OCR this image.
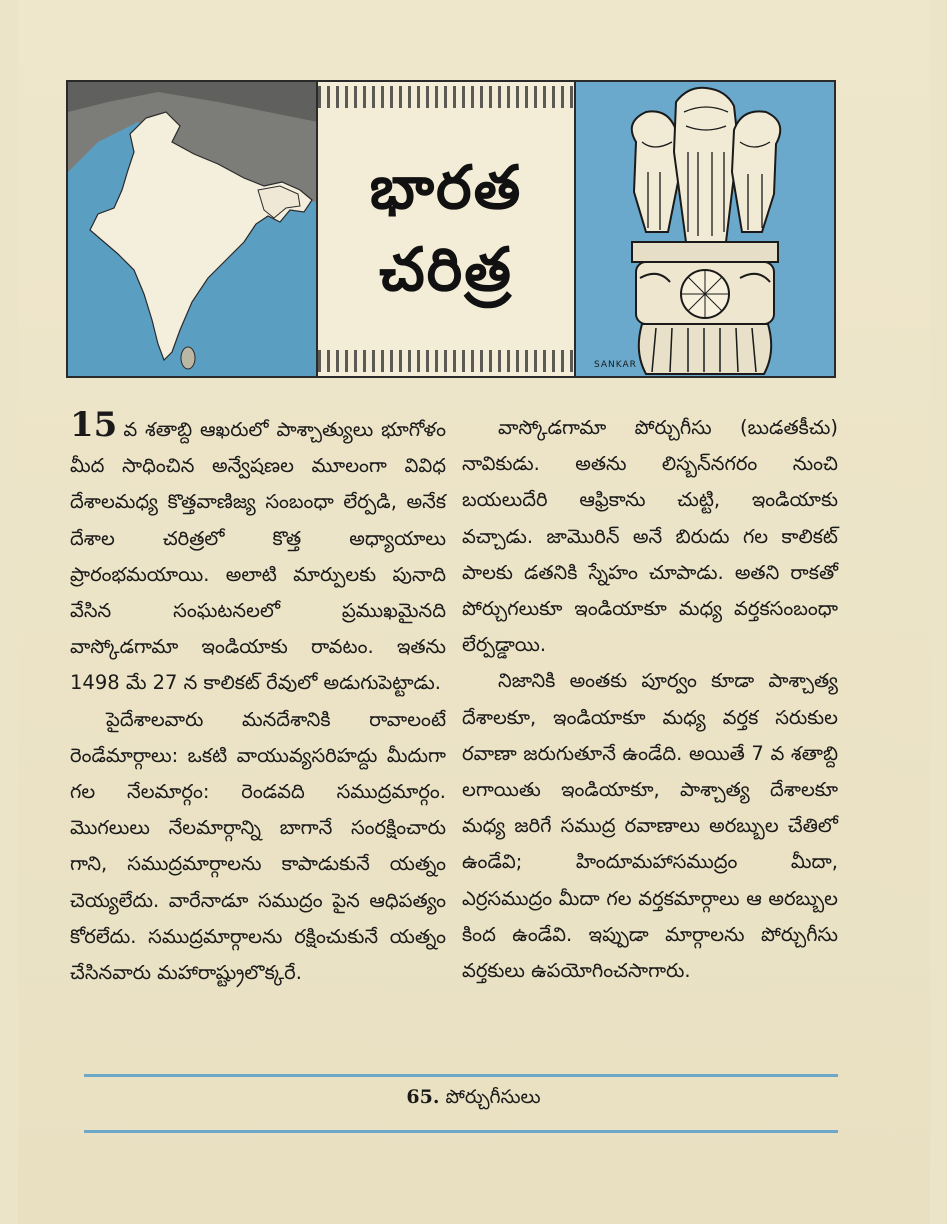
భారత
చరిత్ర
SANKAR

15 వ శతాబ్ది ఆఖరులో పాశ్చాత్యులు భూగోళం మీద సాధించిన అన్వేషణల మూలంగా వివిధ దేశాలమధ్య కొత్తవాణిజ్య సంబంధా లేర్పడి, అనేక దేశాల చరిత్రలో కొత్త అధ్యాయాలు ప్రారంభమయాయి. అలాటి మార్పులకు పునాది వేసిన సంఘటనలలో ప్రముఖమైనది వాస్కోడగామా ఇండియాకు రావటం. ఇతను 1498 మే 27 న కాలికట్ రేవులో అడుగుపెట్టాడు.

పైదేశాలవారు మనదేశానికి రావాలంటే రెండేమార్గాలు: ఒకటి వాయువ్యసరిహద్దు మీదుగా గల నేలమార్గం: రెండవది సముద్రమార్గం. మొగలులు నేలమార్గాన్ని బాగానే సంరక్షించారు గాని, సముద్రమార్గాలను కాపాడుకునే యత్నం చెయ్యలేదు. వారేనాడూ సముద్రం పైన ఆధిపత్యం కోరలేదు. సముద్రమార్గాలను రక్షించుకునే యత్నం చేసినవారు మహారాష్ట్రులొక్కరే.

వాస్కోడగామా పోర్చుగీసు (బుడతకీచు) నావికుడు. అతను లిస్బన్‌నగరం నుంచి బయలుదేరి ఆఫ్రికాను చుట్టి, ఇండియాకు వచ్చాడు. జామొరిన్ అనే బిరుదు గల కాలికట్ పాలకు డతనికి స్నేహం చూపాడు. అతని రాకతో పోర్చుగలుకూ ఇండియాకూ మధ్య వర్తకసంబంధా లేర్పడ్డాయి.

నిజానికి అంతకు పూర్వం కూడా పాశ్చాత్య దేశాలకూ, ఇండియాకూ మధ్య వర్తక సరుకుల రవాణా జరుగుతూనే ఉండేది. అయితే 7 వ శతాబ్ది లగాయితు ఇండియాకూ, పాశ్చాత్య దేశాలకూ మధ్య జరిగే సముద్ర రవాణాలు అరబ్బుల చేతిలో ఉండేవి; హిందూమహాసముద్రం మీదా, ఎర్రసముద్రం మీదా గల వర్తకమార్గాలు ఆ అరబ్బుల కింద ఉండేవి. ఇప్పుడా మార్గాలను పోర్చుగీసు వర్తకులు ఉపయోగించసాగారు.

65. పోర్చుగీసులు
